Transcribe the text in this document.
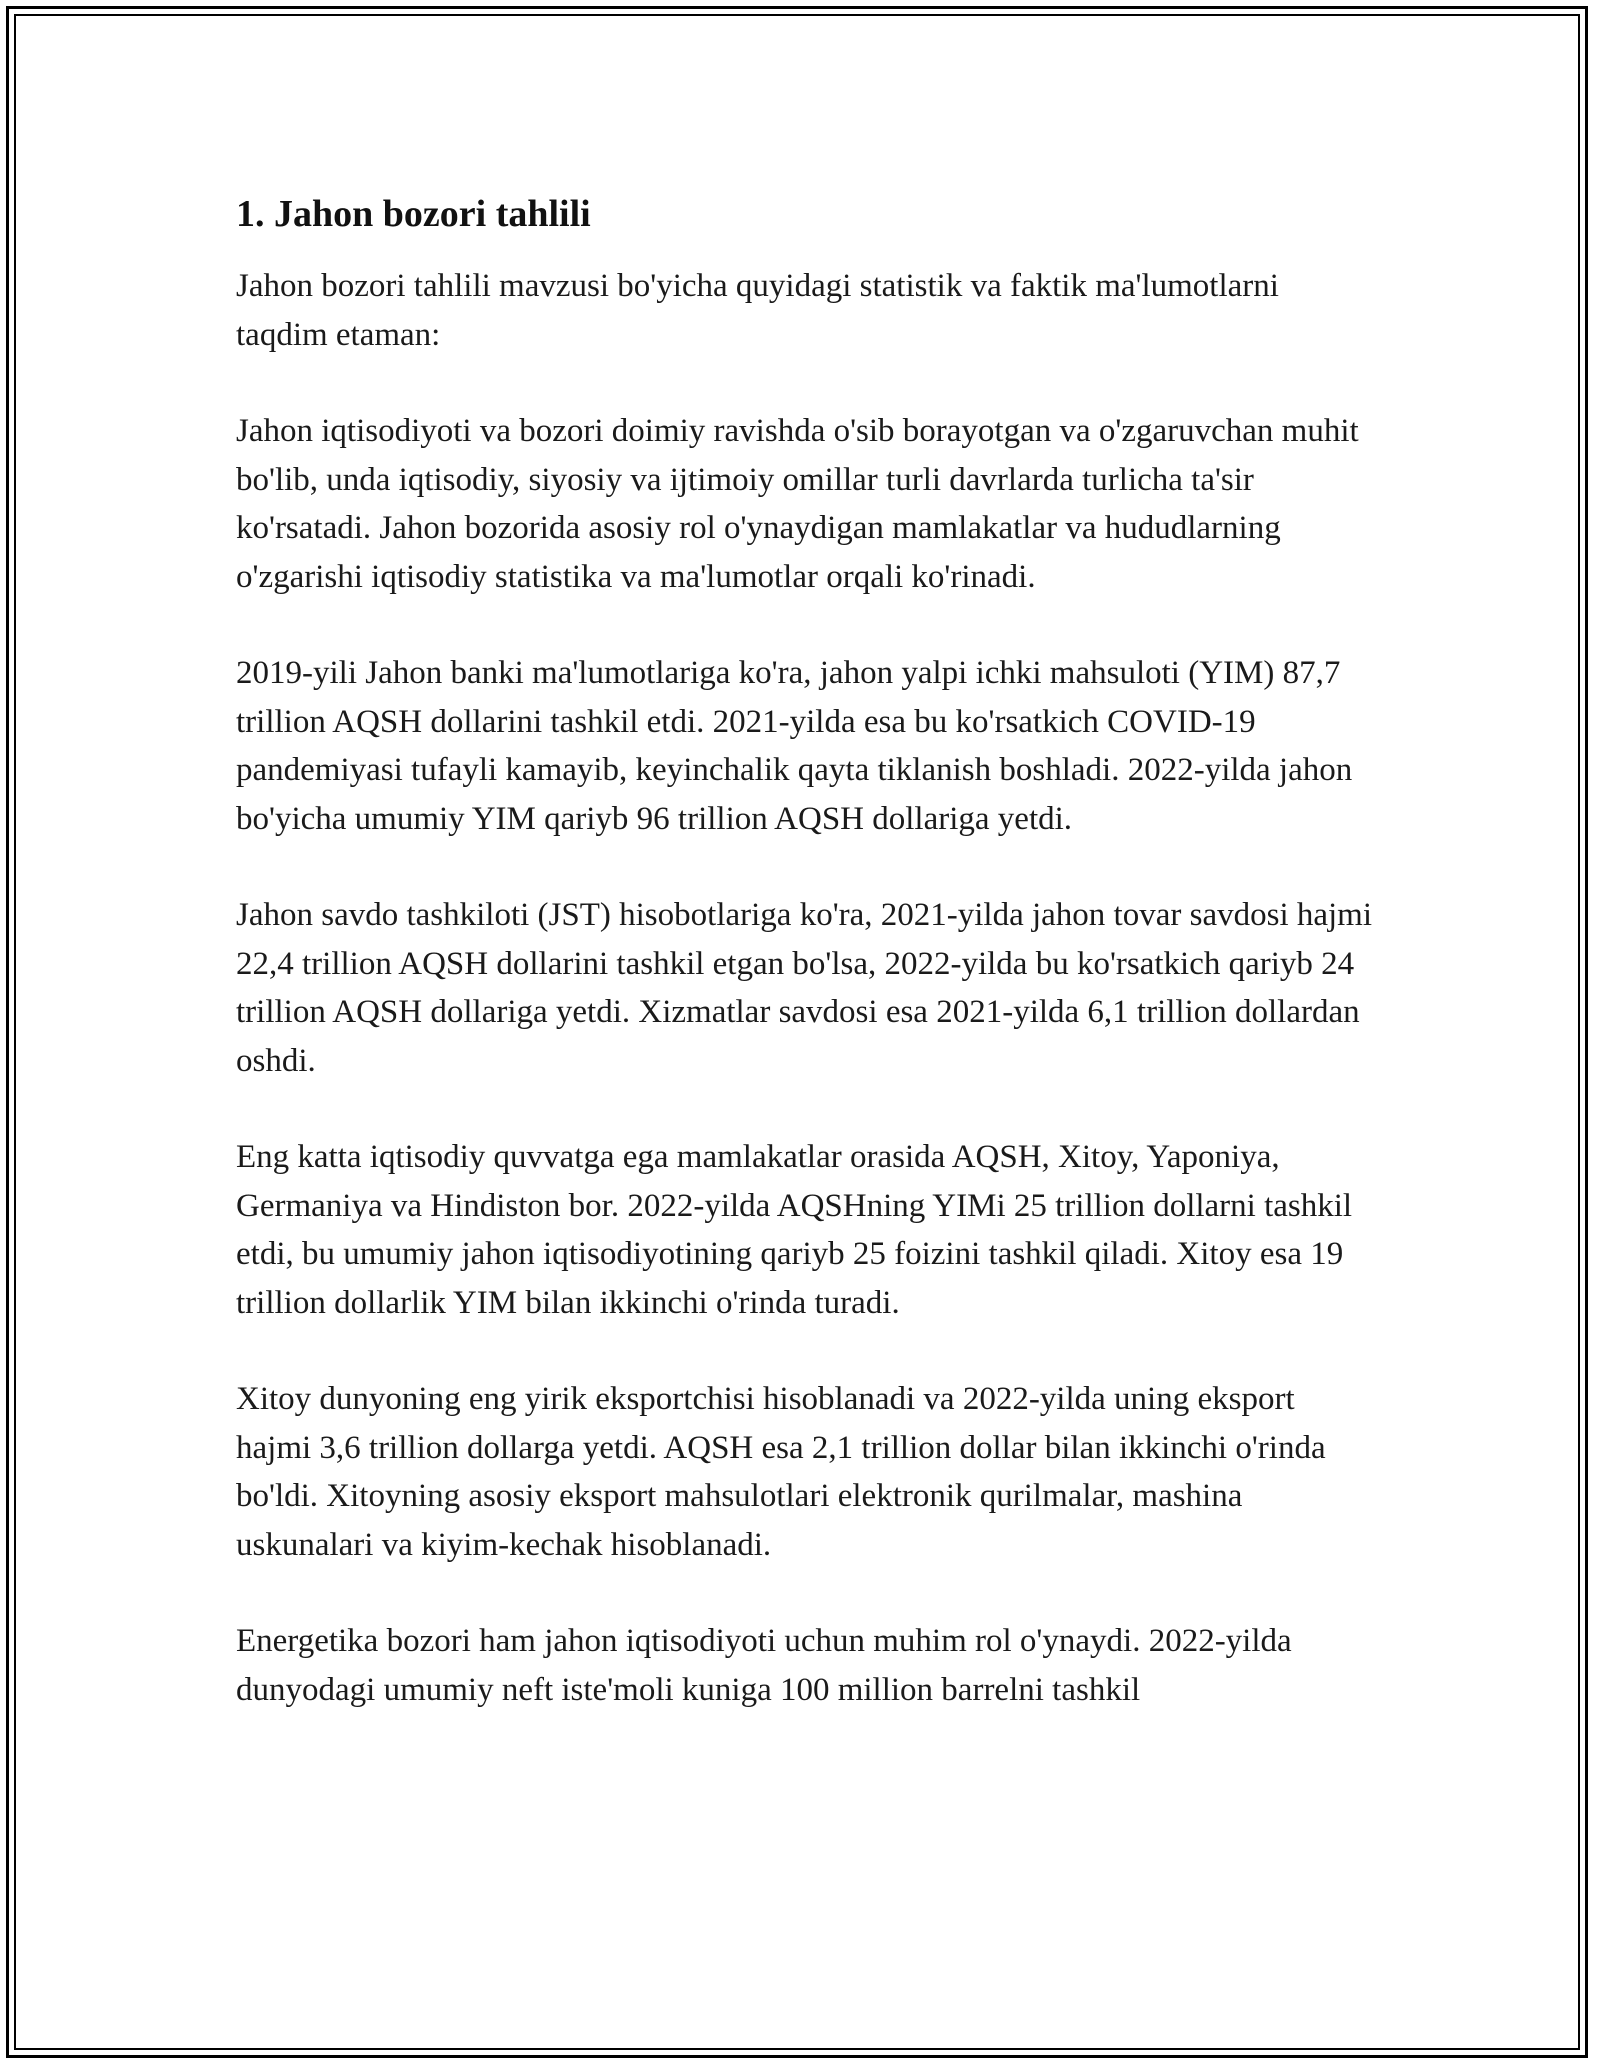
1. Jahon bozori tahlili

Jahon bozori tahlili mavzusi bo'yicha quyidagi statistik va faktik ma'lumotlarni taqdim etaman:

Jahon iqtisodiyoti va bozori doimiy ravishda o'sib borayotgan va o'zgaruvchan muhit bo'lib, unda iqtisodiy, siyosiy va ijtimoiy omillar turli davrlarda turlicha ta'sir ko'rsatadi. Jahon bozorida asosiy rol o'ynaydigan mamlakatlar va hududlarning o'zgarishi iqtisodiy statistika va ma'lumotlar orqali ko'rinadi.

2019-yili Jahon banki ma'lumotlariga ko'ra, jahon yalpi ichki mahsuloti (YIM) 87,7 trillion AQSH dollarini tashkil etdi. 2021-yilda esa bu ko'rsatkich COVID-19 pandemiyasi tufayli kamayib, keyinchalik qayta tiklanish boshladi. 2022-yilda jahon bo'yicha umumiy YIM qariyb 96 trillion AQSH dollariga yetdi.

Jahon savdo tashkiloti (JST) hisobotlariga ko'ra, 2021-yilda jahon tovar savdosi hajmi 22,4 trillion AQSH dollarini tashkil etgan bo'lsa, 2022-yilda bu ko'rsatkich qariyb 24 trillion AQSH dollariga yetdi. Xizmatlar savdosi esa 2021-yilda 6,1 trillion dollardan oshdi.

Eng katta iqtisodiy quvvatga ega mamlakatlar orasida AQSH, Xitoy, Yaponiya, Germaniya va Hindiston bor. 2022-yilda AQSHning YIMi 25 trillion dollarni tashkil etdi, bu umumiy jahon iqtisodiyotining qariyb 25 foizini tashkil qiladi. Xitoy esa 19 trillion dollarlik YIM bilan ikkinchi o'rinda turadi.

Xitoy dunyoning eng yirik eksportchisi hisoblanadi va 2022-yilda uning eksport hajmi 3,6 trillion dollarga yetdi. AQSH esa 2,1 trillion dollar bilan ikkinchi o'rinda bo'ldi. Xitoyning asosiy eksport mahsulotlari elektronik qurilmalar, mashina uskunalari va kiyim-kechak hisoblanadi.

Energetika bozori ham jahon iqtisodiyoti uchun muhim rol o'ynaydi. 2022-yilda dunyodagi umumiy neft iste'moli kuniga 100 million barrelni tashkil
